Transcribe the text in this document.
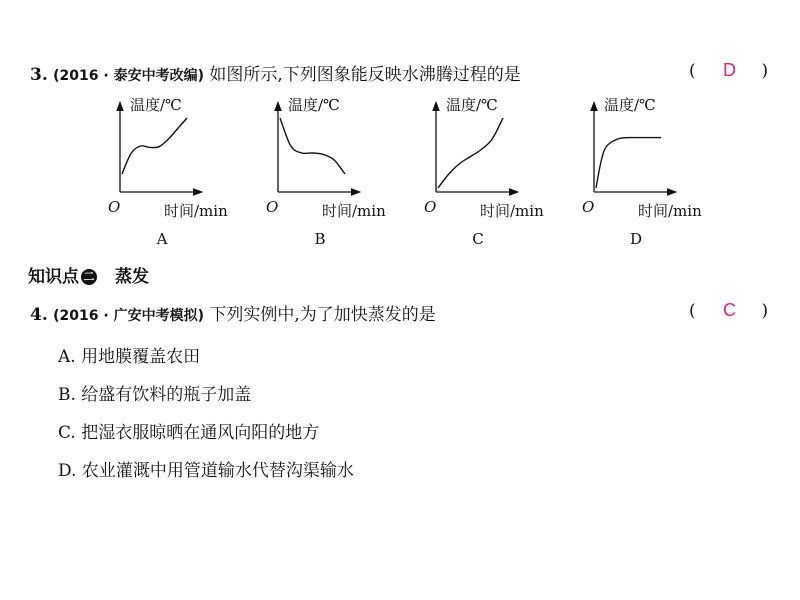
3. (2016 · 泰安中考改编) 如图所示,下列图象能反映水沸腾过程的是	( D )
温度/℃
时间/min
O
A
温度/℃
时间/min
O
B
温度/℃
时间/min
O
C
温度/℃
时间/min
O
D
知识点 二 蒸发
4. (2016 · 广安中考模拟) 下列实例中,为了加快蒸发的是	( C )
A. 用地膜覆盖农田
B. 给盛有饮料的瓶子加盖
C. 把湿衣服晾晒在通风向阳的地方
D. 农业灌溉中用管道输水代替沟渠输水
